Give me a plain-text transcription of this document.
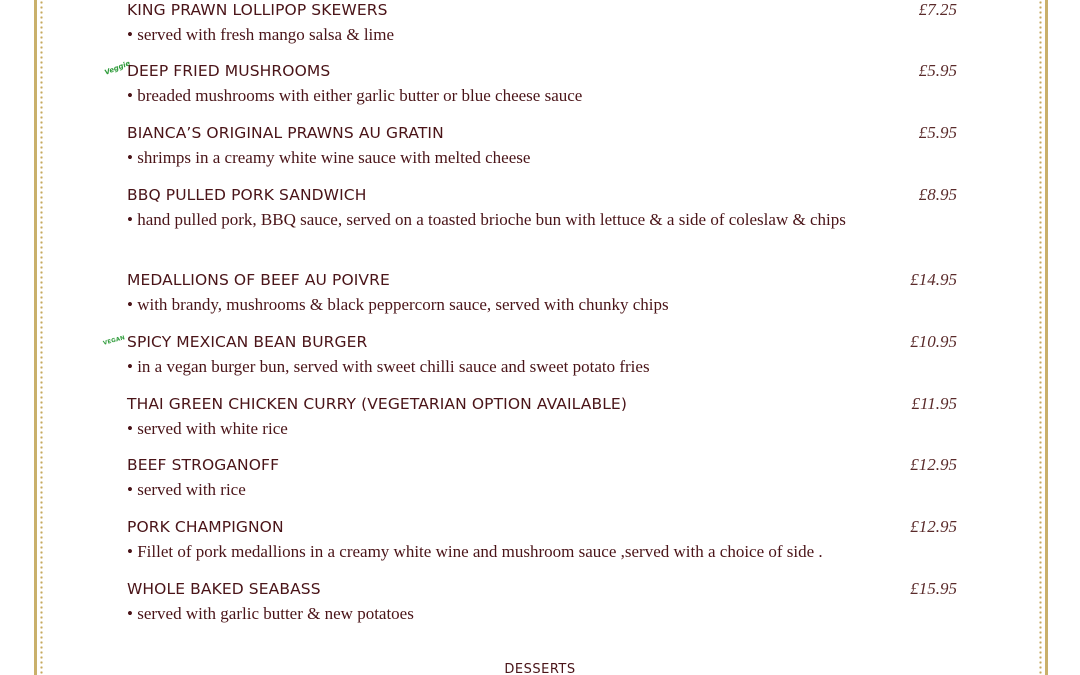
KING PRAWN LOLLIPOP SKEWERS	£7.25
• served with fresh mango salsa & lime
Veggie
DEEP FRIED MUSHROOMS	£5.95
• breaded mushrooms with either garlic butter or blue cheese sauce
BIANCA’S ORIGINAL PRAWNS AU GRATIN	£5.95
• shrimps in a creamy white wine sauce with melted cheese
BBQ PULLED PORK SANDWICH	£8.95
• hand pulled pork, BBQ sauce, served on a toasted brioche bun with lettuce & a side of coleslaw & chips
MEDALLIONS OF BEEF AU POIVRE	£14.95
• with brandy, mushrooms & black peppercorn sauce, served with chunky chips
VEGAN SPICY MEXICAN BEAN BURGER	£10.95
• in a vegan burger bun, served with sweet chilli sauce and sweet potato fries
THAI GREEN CHICKEN CURRY (VEGETARIAN OPTION AVAILABLE)	£11.95
• served with white rice
BEEF STROGANOFF	£12.95
• served with rice
PORK CHAMPIGNON	£12.95
• Fillet of pork medallions in a creamy white wine and mushroom sauce ,served with a choice of side .
WHOLE BAKED SEABASS	£15.95
• served with garlic butter & new potatoes
DESSERTS
